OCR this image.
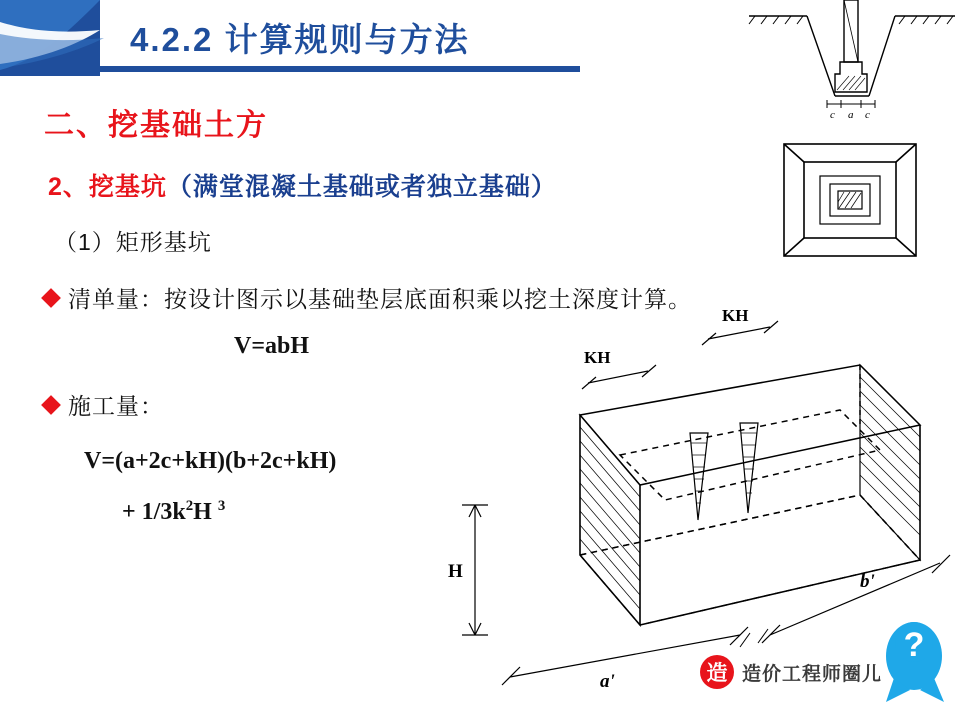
4.2.2 计算规则与方法
二、挖基础土方
2、挖基坑（满堂混凝土基础或者独立基础）
（1）矩形基坑
清单量：按设计图示以基础垫层底面积乘以挖土深度计算。
V=abH
施工量：
V=(a+2c+kH)(b+2c+kH)
+ $1/3k^2H$ $^3$
c a c
KH
KH
H
a'
b'
造 造价工程师圈儿
?
